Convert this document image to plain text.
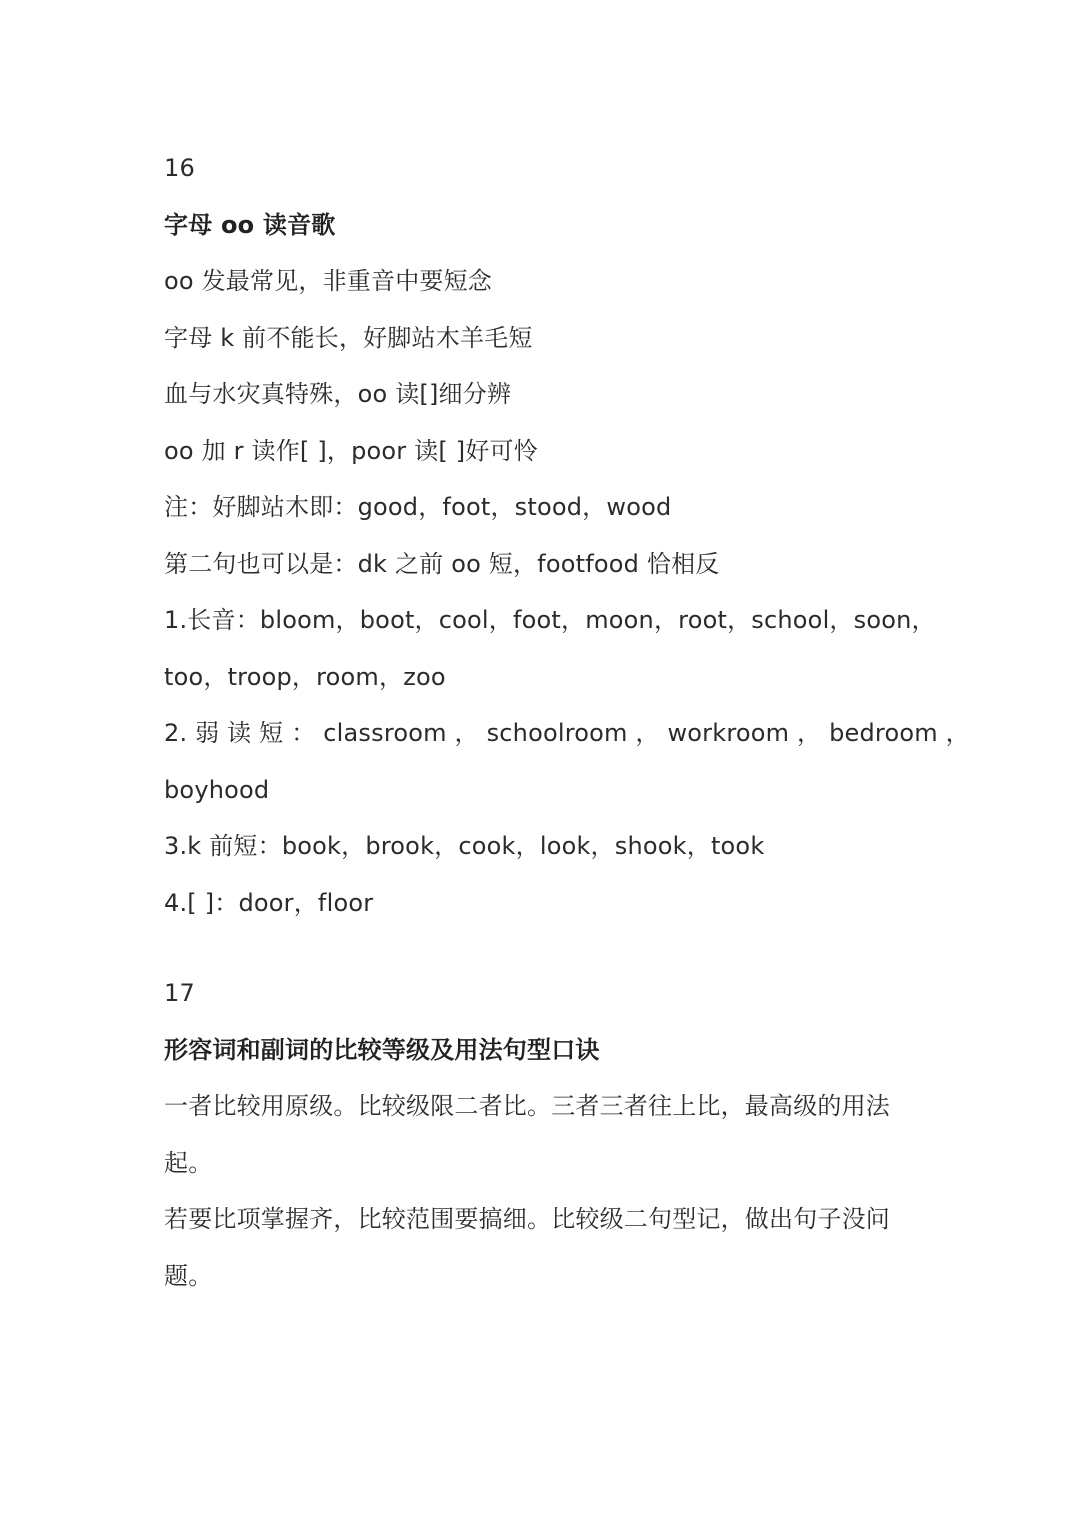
16
字母 oo 读音歌
oo 发最常见，非重音中要短念
字母 k 前不能长，好脚站木羊毛短
血与水灾真特殊，oo 读[]细分辨
oo 加 r 读作[ ]，poor 读[ ]好可怜
注：好脚站木即：good，foot，stood，wood
第二句也可以是：dk 之前 oo 短，footfood 恰相反
1.长音：bloom，boot，cool，foot，moon，root，school，soon，
too，troop，room，zoo
2. 弱 读 短 ： classroom ， schoolroom ， workroom ， bedroom ，
boyhood
3.k 前短：book，brook，cook，look，shook，took
4.[ ]：door，floor
17
形容词和副词的比较等级及用法句型口诀
一者比较用原级。比较级限二者比。三者三者往上比，最高级的用法
起。
若要比项掌握齐，比较范围要搞细。比较级二句型记，做出句子没问
题。
